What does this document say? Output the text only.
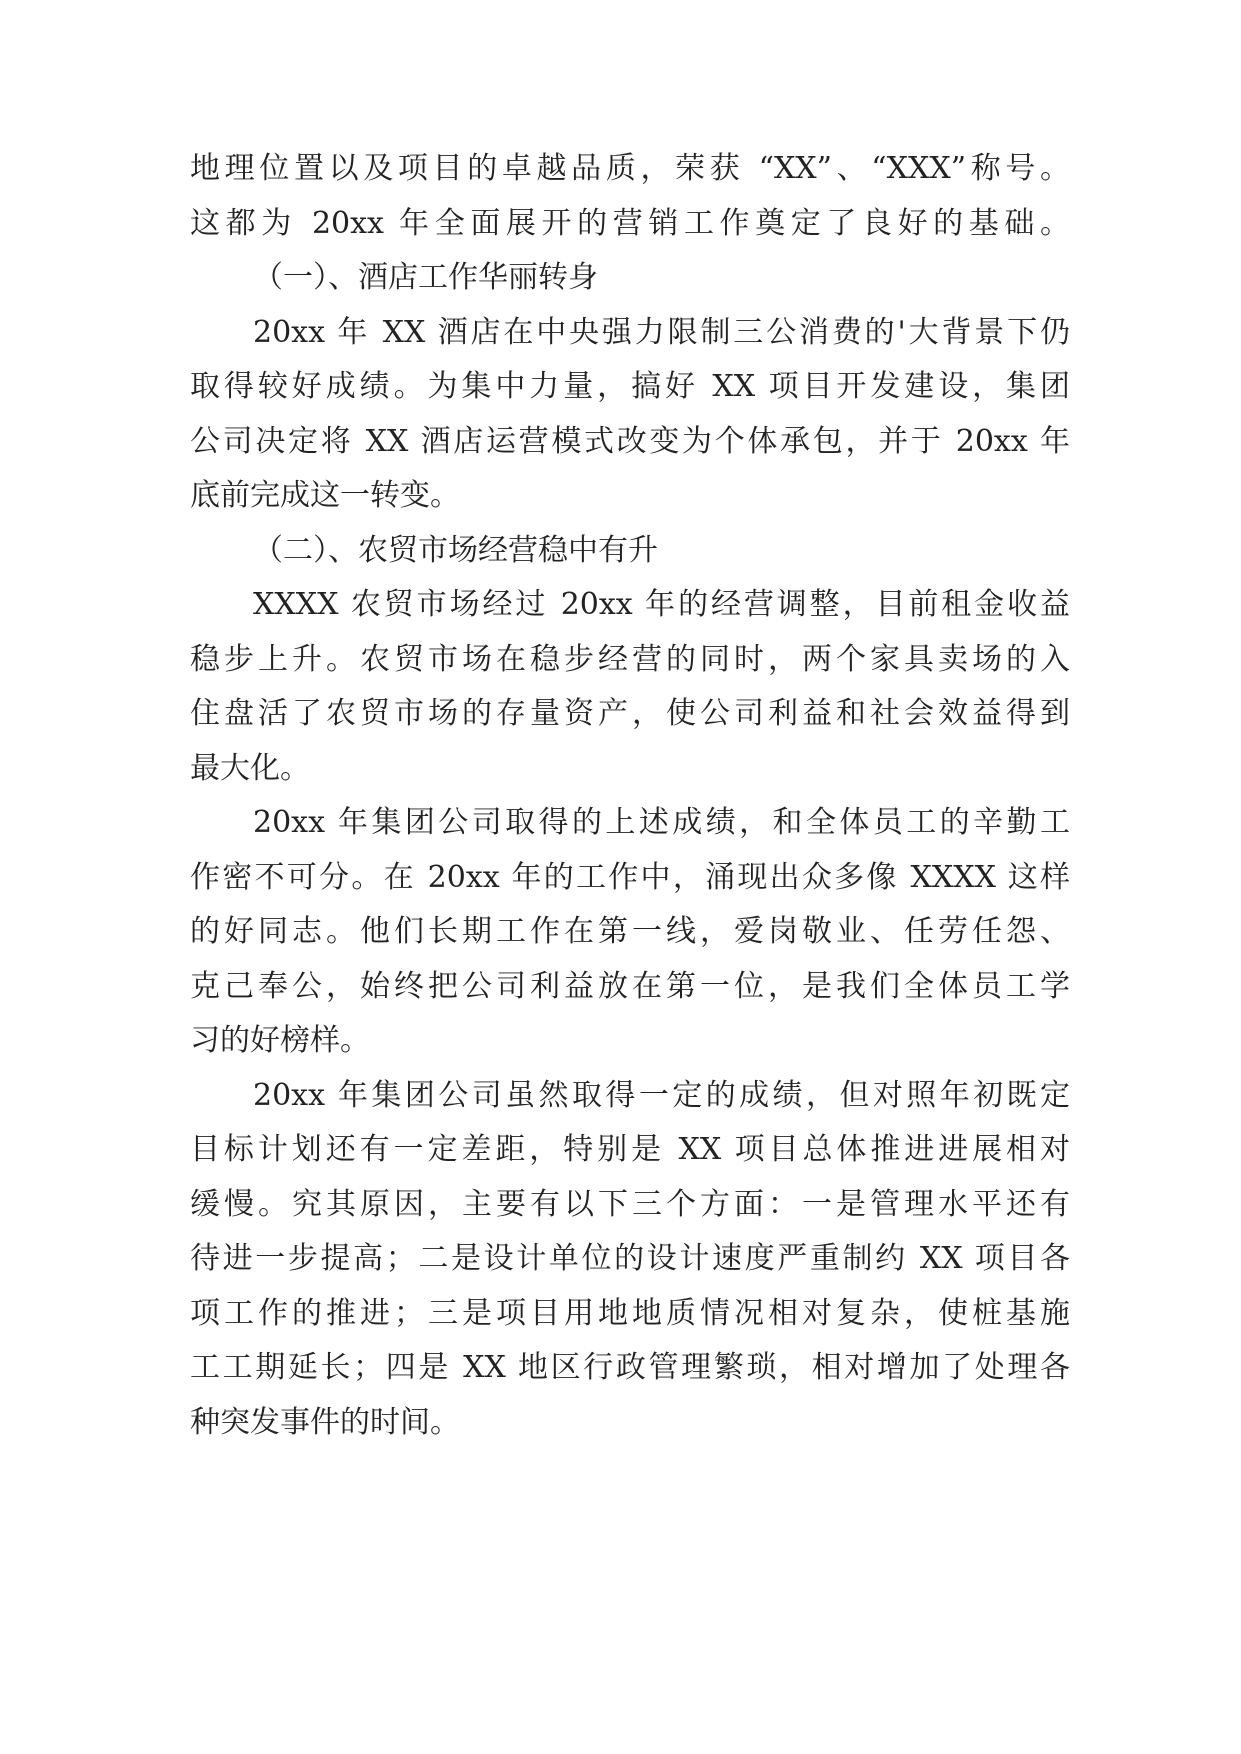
地理位置以及项目的卓越品质，荣获 “XX”、“XXX”称号。
这都为 20xx 年全面展开的营销工作奠定了良好的基础。
（一）、酒店工作华丽转身
20xx 年 XX 酒店在中央强力限制三公消费的'大背景下仍
取得较好成绩。为集中力量，搞好 XX 项目开发建设，集团
公司决定将 XX 酒店运营模式改变为个体承包，并于 20xx 年
底前完成这一转变。
（二）、农贸市场经营稳中有升
XXXX 农贸市场经过 20xx 年的经营调整，目前租金收益
稳步上升。农贸市场在稳步经营的同时，两个家具卖场的入
住盘活了农贸市场的存量资产，使公司利益和社会效益得到
最大化。
20xx 年集团公司取得的上述成绩，和全体员工的辛勤工
作密不可分。在 20xx 年的工作中，涌现出众多像 XXXX 这样
的好同志。他们长期工作在第一线，爱岗敬业、任劳任怨、
克己奉公，始终把公司利益放在第一位，是我们全体员工学
习的好榜样。
20xx 年集团公司虽然取得一定的成绩，但对照年初既定
目标计划还有一定差距，特别是 XX 项目总体推进进展相对
缓慢。究其原因，主要有以下三个方面：一是管理水平还有
待进一步提高；二是设计单位的设计速度严重制约 XX 项目各
项工作的推进；三是项目用地地质情况相对复杂，使桩基施
工工期延长；四是 XX 地区行政管理繁琐，相对增加了处理各
种突发事件的时间。
